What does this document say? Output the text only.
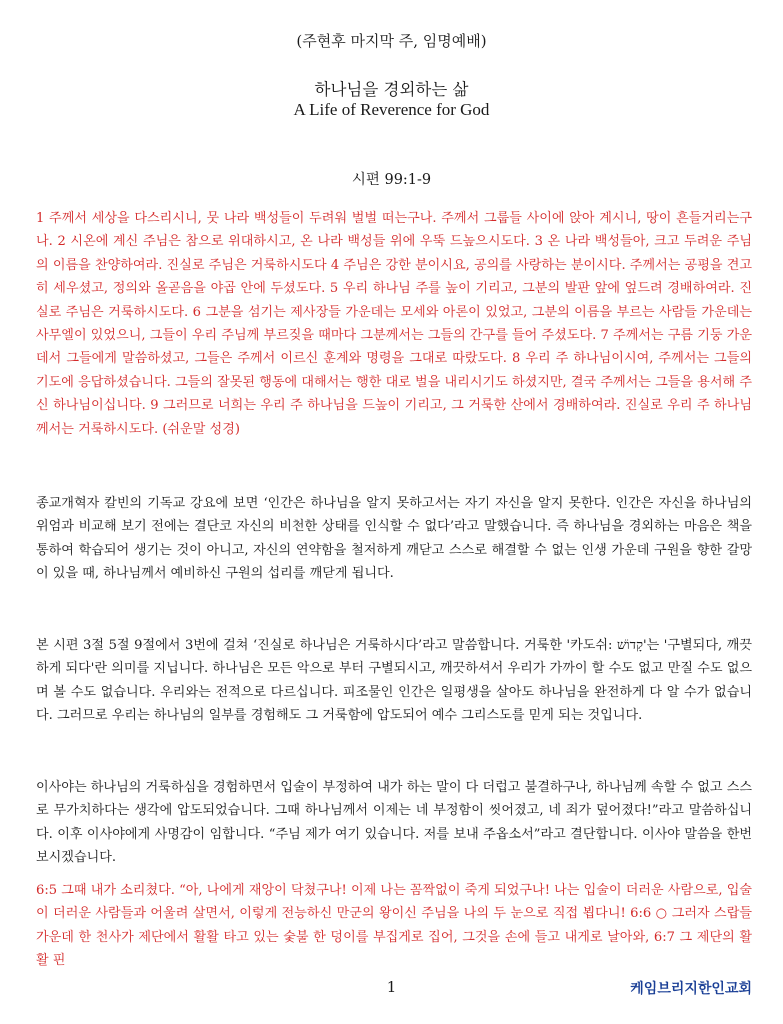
(주현후 마지막 주, 임명예배)
하나님을 경외하는 삶
A Life of Reverence for God
시편 99:1-9

1 주께서 세상을 다스리시니, 뭇 나라 백성들이 두려워 벌벌 떠는구나. 주께서 그룹들 사이에 앉아 계시니, 땅이 흔들거리는구나. 2 시온에 계신 주님은 참으로 위대하시고, 온 나라 백성들 위에 우뚝 드높으시도다. 3 온 나라 백성들아, 크고 두려운 주님의 이름을 찬양하여라. 진실로 주님은 거룩하시도다 4 주님은 강한 분이시요, 공의를 사랑하는 분이시다. 주께서는 공평을 견고히 세우셨고, 정의와 올곧음을 야곱 안에 두셨도다. 5 우리 하나님 주를 높이 기리고, 그분의 발판 앞에 엎드려 경배하여라. 진실로 주님은 거룩하시도다. 6 그분을 섬기는 제사장들 가운데는 모세와 아론이 있었고, 그분의 이름을 부르는 사람들 가운데는 사무엘이 있었으니, 그들이 우리 주님께 부르짖을 때마다 그분께서는 그들의 간구를 들어 주셨도다. 7 주께서는 구름 기둥 가운데서 그들에게 말씀하셨고, 그들은 주께서 이르신 훈계와 명령을 그대로 따랐도다. 8 우리 주 하나님이시여, 주께서는 그들의 기도에 응답하셨습니다. 그들의 잘못된 행동에 대해서는 행한 대로 벌을 내리시기도 하셨지만, 결국 주께서는 그들을 용서해 주신 하나님이십니다. 9 그러므로 너희는 우리 주 하나님을 드높이 기리고, 그 거룩한 산에서 경배하여라. 진실로 우리 주 하나님께서는 거룩하시도다. (쉬운말 성경)

종교개혁자 칼빈의 기독교 강요에 보면 ‘인간은 하나님을 알지 못하고서는 자기 자신을 알지 못한다. 인간은 자신을 하나님의 위엄과 비교해 보기 전에는 결단코 자신의 비천한 상태를 인식할 수 없다’라고 말했습니다. 즉 하나님을 경외하는 마음은 책을 통하여 학습되어 생기는 것이 아니고, 자신의 연약함을 철저하게 깨닫고 스스로 해결할 수 없는 인생 가운데 구원을 향한 갈망이 있을 때, 하나님께서 예비하신 구원의 섭리를 깨닫게 됩니다.

본 시편 3절 5절 9절에서 3번에 걸쳐 ‘진실로 하나님은 거룩하시다’라고 말씀합니다. 거룩한 '카도쉬: קָדוֹשׁ'는 '구별되다, 깨끗하게 되다'란 의미를 지닙니다. 하나님은 모든 악으로 부터 구별되시고, 깨끗하셔서 우리가 가까이 할 수도 없고 만질 수도 없으며 볼 수도 없습니다. 우리와는 전적으로 다르십니다. 피조물인 인간은 일평생을 살아도 하나님을 완전하게 다 알 수가 없습니다. 그러므로 우리는 하나님의 일부를 경험해도 그 거룩함에 압도되어 예수 그리스도를 믿게 되는 것입니다.

이사야는 하나님의 거룩하심을 경험하면서 입술이 부정하여 내가 하는 말이 다 더럽고 불결하구나, 하나님께 속할 수 없고 스스로 무가치하다는 생각에 압도되었습니다. 그때 하나님께서 이제는 네 부정함이 씻어졌고, 네 죄가 덮어졌다!”라고 말씀하십니다. 이후 이사야에게 사명감이 임합니다. “주님 제가 여기 있습니다. 저를 보내 주옵소서”라고 결단합니다. 이사야 말씀을 한번 보시겠습니다.

6:5 그때 내가 소리쳤다. “아, 나에게 재앙이 닥쳤구나! 이제 나는 꼼짝없이 죽게 되었구나! 나는 입술이 더러운 사람으로, 입술이 더러운 사람들과 어울려 살면서, 이렇게 전능하신 만군의 왕이신 주님을 나의 두 눈으로 직접 뵙다니! 6:6 ○ 그러자 스랍들 가운데 한 천사가 제단에서 활활 타고 있는 숯불 한 덩이를 부집게로 집어, 그것을 손에 들고 내게로 날아와, 6:7 그 제단의 활활 핀

1	케임브리지한인교회
